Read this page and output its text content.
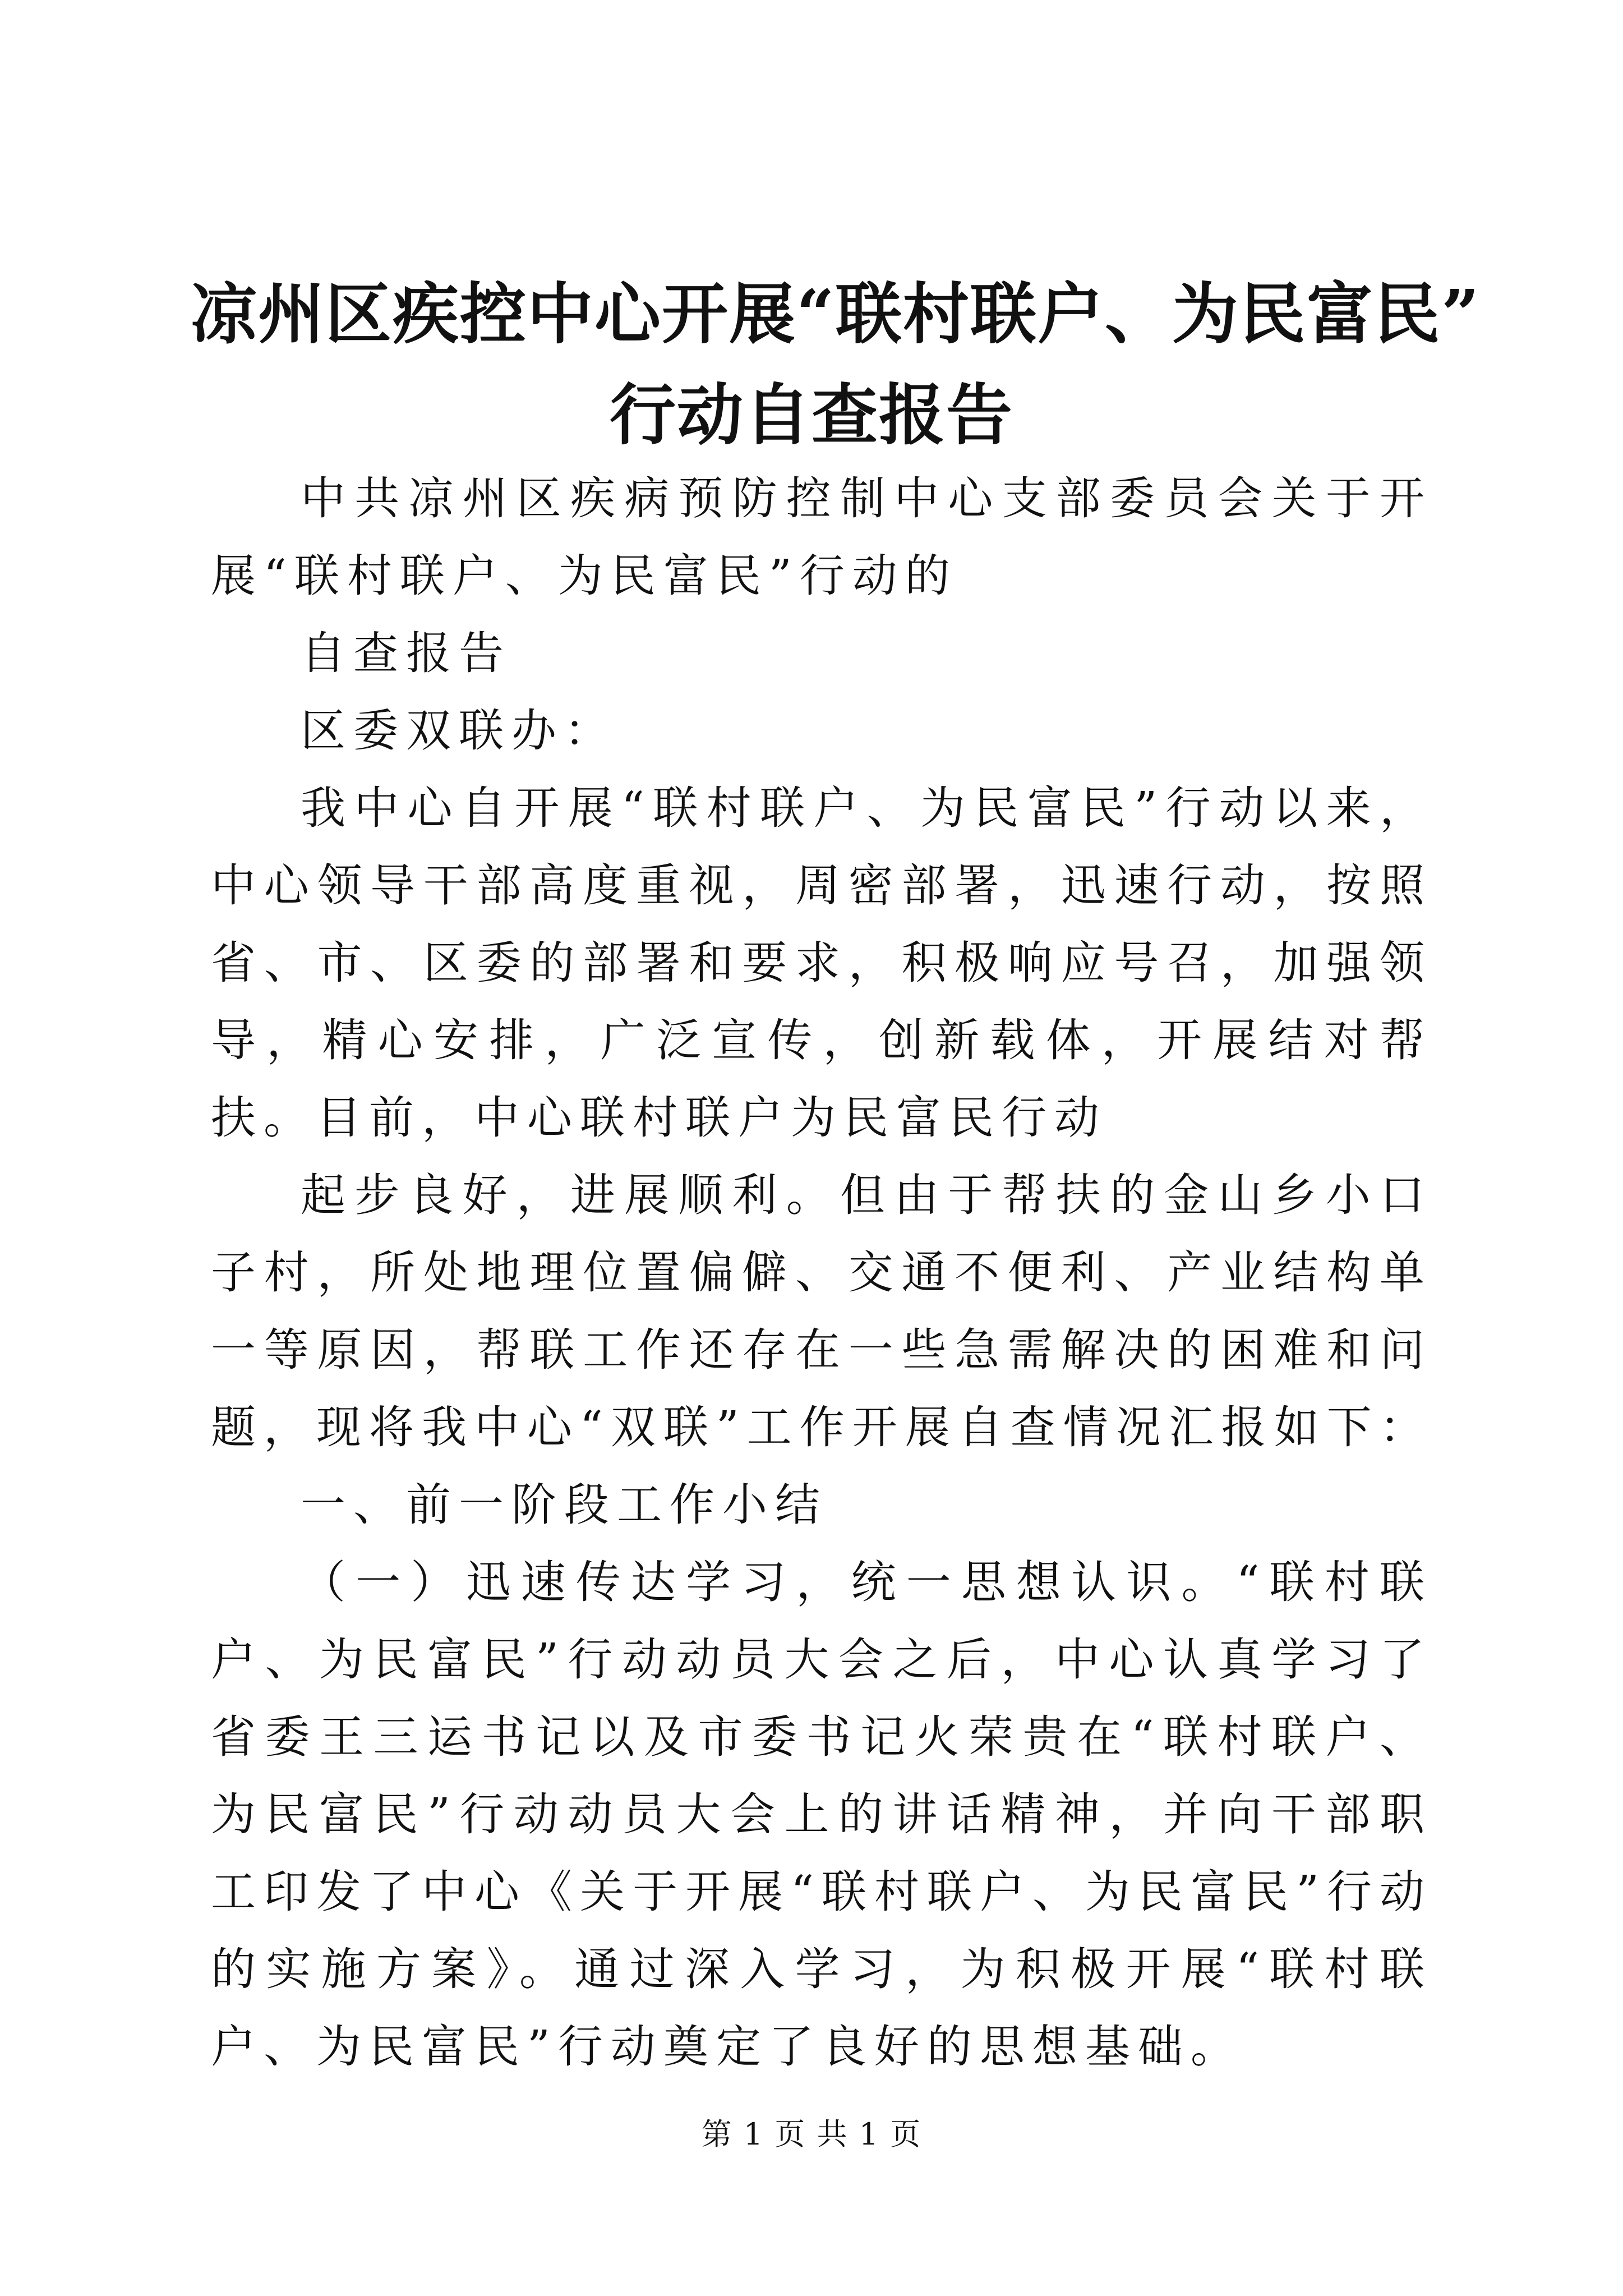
凉州区疾控中心开展“联村联户、为民富民”
行动自查报告

中共凉州区疾病预防控制中心支部委员会关于开展“联村联户、为民富民”行动的

自查报告

区委双联办：

我中心自开展“联村联户、为民富民”行动以来，中心领导干部高度重视，周密部署，迅速行动，按照省、市、区委的部署和要求，积极响应号召，加强领导，精心安排，广泛宣传，创新载体，开展结对帮扶。目前，中心联村联户为民富民行动

起步良好，进展顺利。但由于帮扶的金山乡小口子村，所处地理位置偏僻、交通不便利、产业结构单一等原因，帮联工作还存在一些急需解决的困难和问题，现将我中心“双联”工作开展自查情况汇报如下：

一、前一阶段工作小结

（一）迅速传达学习，统一思想认识。“联村联户、为民富民”行动动员大会之后，中心认真学习了省委王三运书记以及市委书记火荣贵在“联村联户、为民富民”行动动员大会上的讲话精神，并向干部职工印发了中心《关于开展“联村联户、为民富民”行动的实施方案》。通过深入学习，为积极开展“联村联户、为民富民”行动奠定了良好的思想基础。

第 1 页 共 1 页
